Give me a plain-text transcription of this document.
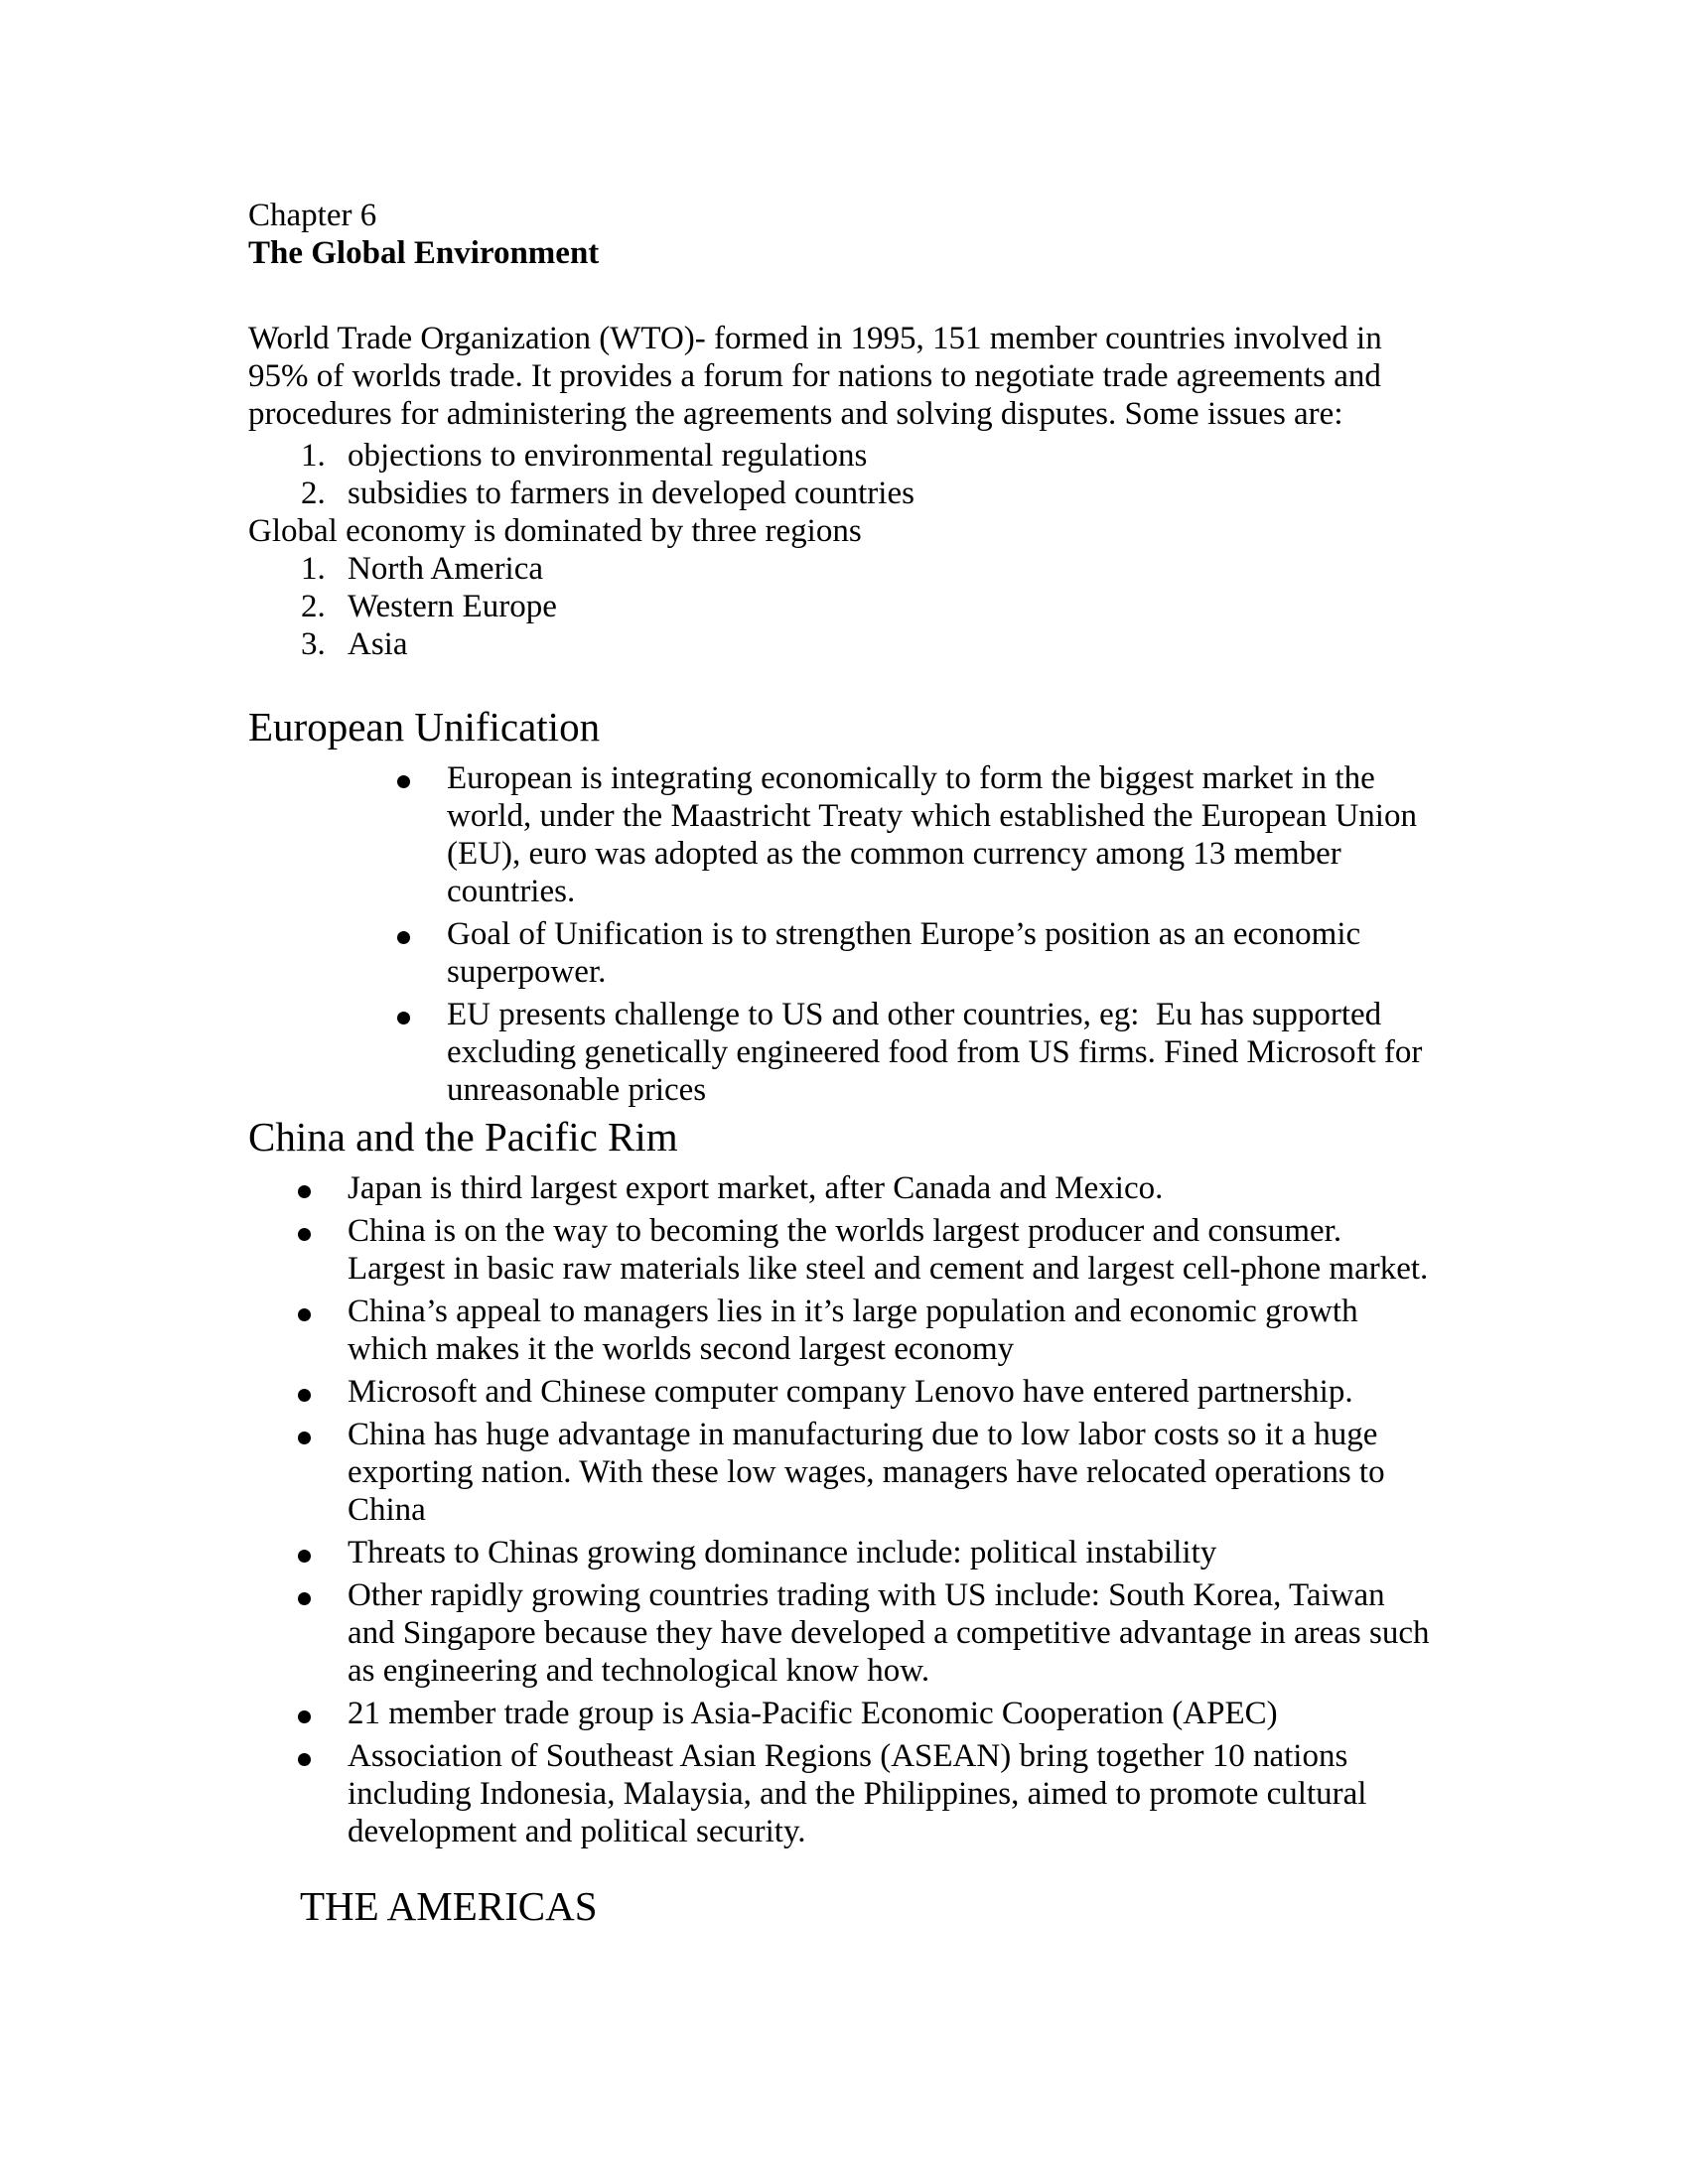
Chapter 6
The Global Environment
World Trade Organization (WTO)- formed in 1995, 151 member countries involved in 95% of worlds trade. It provides a forum for nations to negotiate trade agreements and procedures for administering the agreements and solving disputes. Some issues are:
1. objections to environmental regulations
2. subsidies to farmers in developed countries
Global economy is dominated by three regions
1. North America
2. Western Europe
3. Asia
European Unification
European is integrating economically to form the biggest market in the world, under the Maastricht Treaty which established the European Union (EU), euro was adopted as the common currency among 13 member countries.
Goal of Unification is to strengthen Europe’s position as an economic superpower.
EU presents challenge to US and other countries, eg:  Eu has supported excluding genetically engineered food from US firms. Fined Microsoft for unreasonable prices
China and the Pacific Rim
Japan is third largest export market, after Canada and Mexico.
China is on the way to becoming the worlds largest producer and consumer. Largest in basic raw materials like steel and cement and largest cell-phone market.
China’s appeal to managers lies in it’s large population and economic growth which makes it the worlds second largest economy
Microsoft and Chinese computer company Lenovo have entered partnership.
China has huge advantage in manufacturing due to low labor costs so it a huge exporting nation. With these low wages, managers have relocated operations to China
Threats to Chinas growing dominance include: political instability
Other rapidly growing countries trading with US include: South Korea, Taiwan and Singapore because they have developed a competitive advantage in areas such as engineering and technological know how.
21 member trade group is Asia-Pacific Economic Cooperation (APEC)
Association of Southeast Asian Regions (ASEAN) bring together 10 nations including Indonesia, Malaysia, and the Philippines, aimed to promote cultural development and political security.
THE AMERICAS
